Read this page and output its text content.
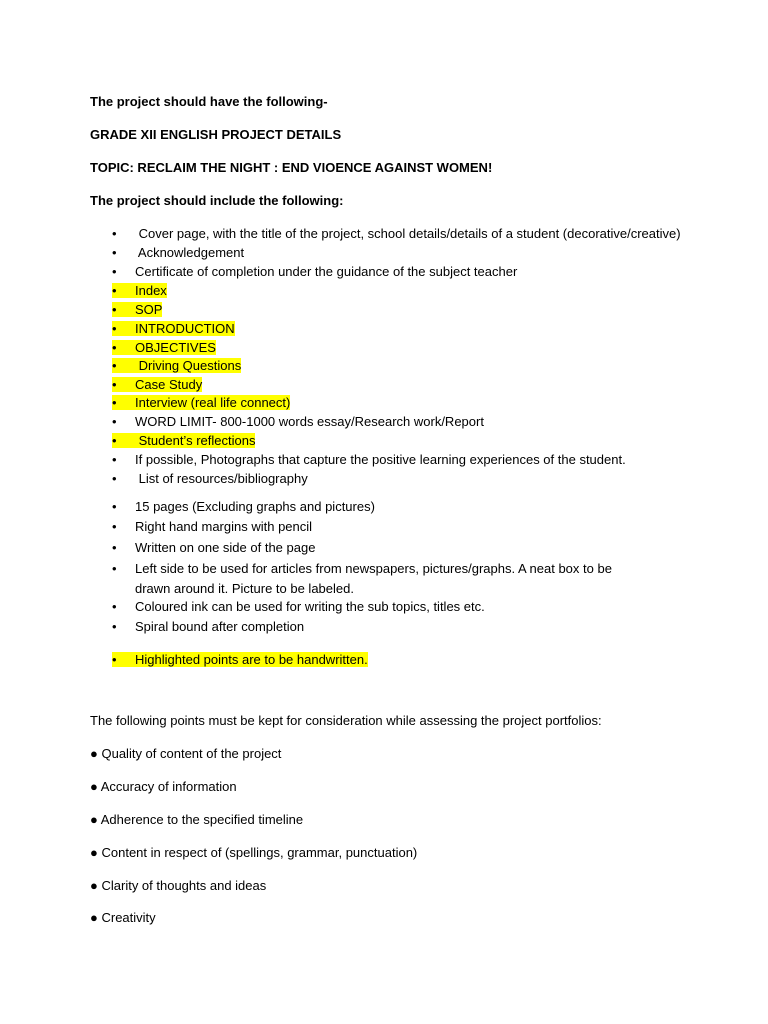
The project should have the following-
GRADE XII ENGLISH PROJECT DETAILS
TOPIC: RECLAIM THE NIGHT : END VIOENCE AGAINST WOMEN!
The project should include the following:
• Cover page, with the title of the project, school details/details of a student (decorative/creative)
• Acknowledgement
• Certificate of completion under the guidance of the subject teacher
• Index
• SOP
• INTRODUCTION
• OBJECTIVES
• Driving Questions
• Case Study
• Interview (real life connect)
• WORD LIMIT- 800-1000 words essay/Research work/Report
• Student’s reflections
• If possible, Photographs that capture the positive learning experiences of the student.
• List of resources/bibliography
• 15 pages (Excluding graphs and pictures)
• Right hand margins with pencil
• Written on one side of the page
• Left side to be used for articles from newspapers, pictures/graphs. A neat box to be drawn around it. Picture to be labeled.
• Coloured ink can be used for writing the sub topics, titles etc.
• Spiral bound after completion
• Highlighted points are to be handwritten.
The following points must be kept for consideration while assessing the project portfolios:
● Quality of content of the project
● Accuracy of information
● Adherence to the specified timeline
● Content in respect of (spellings, grammar, punctuation)
● Clarity of thoughts and ideas
● Creativity
